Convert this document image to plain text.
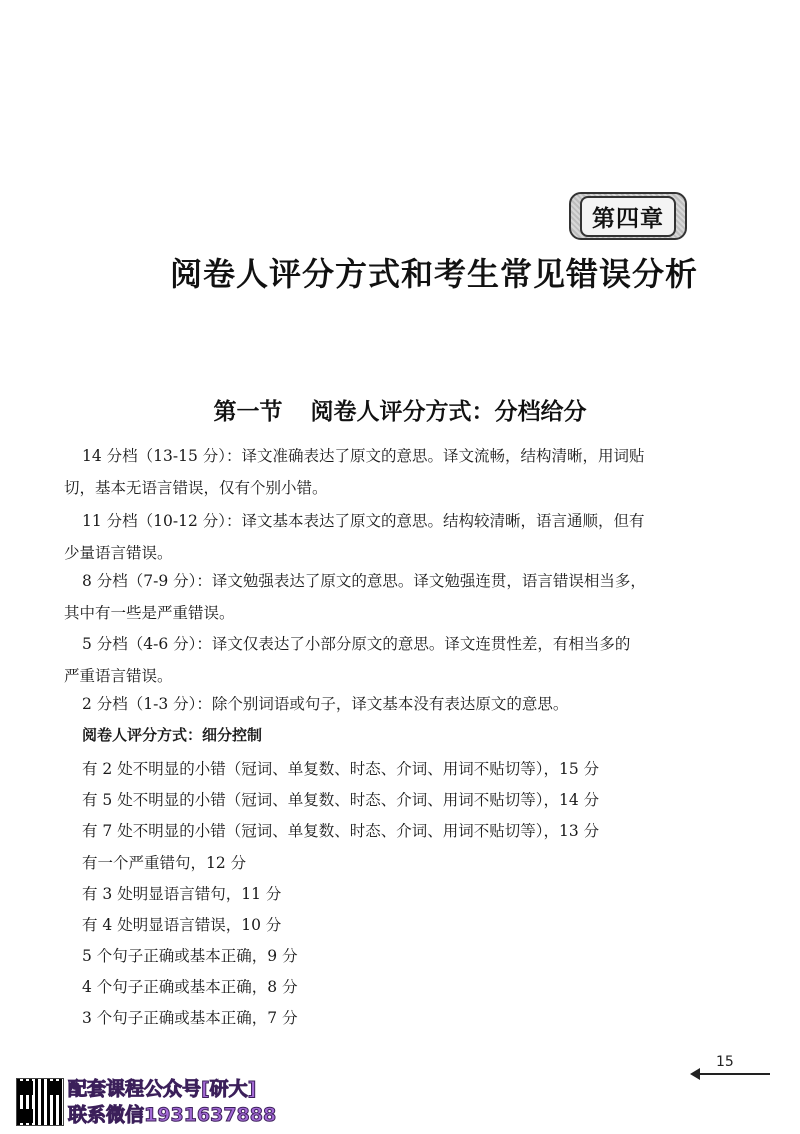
第四章
阅卷人评分方式和考生常见错误分析
第一节 阅卷人评分方式：分档给分

14 分档（13-15 分）：译文准确表达了原文的意思。译文流畅，结构清晰，用词贴

切，基本无语言错误，仅有个别小错。

11 分档（10-12 分）：译文基本表达了原文的意思。结构较清晰，语言通顺，但有

少量语言错误。

8 分档（7-9 分）：译文勉强表达了原文的意思。译文勉强连贯，语言错误相当多，

其中有一些是严重错误。

5 分档（4-6 分）：译文仅表达了小部分原文的意思。译文连贯性差，有相当多的

严重语言错误。

2 分档（1-3 分）：除个别词语或句子，译文基本没有表达原文的意思。

阅卷人评分方式：细分控制
有 2 处不明显的小错（冠词、单复数、时态、介词、用词不贴切等），15 分
有 5 处不明显的小错（冠词、单复数、时态、介词、用词不贴切等），14 分
有 7 处不明显的小错（冠词、单复数、时态、介词、用词不贴切等），13 分
有一个严重错句，12 分
有 3 处明显语言错句，11 分
有 4 处明显语言错误，10 分
5 个句子正确或基本正确，9 分
4 个句子正确或基本正确，8 分
3 个句子正确或基本正确，7 分
15
配套课程公众号[研大]
联系微信1931637888
